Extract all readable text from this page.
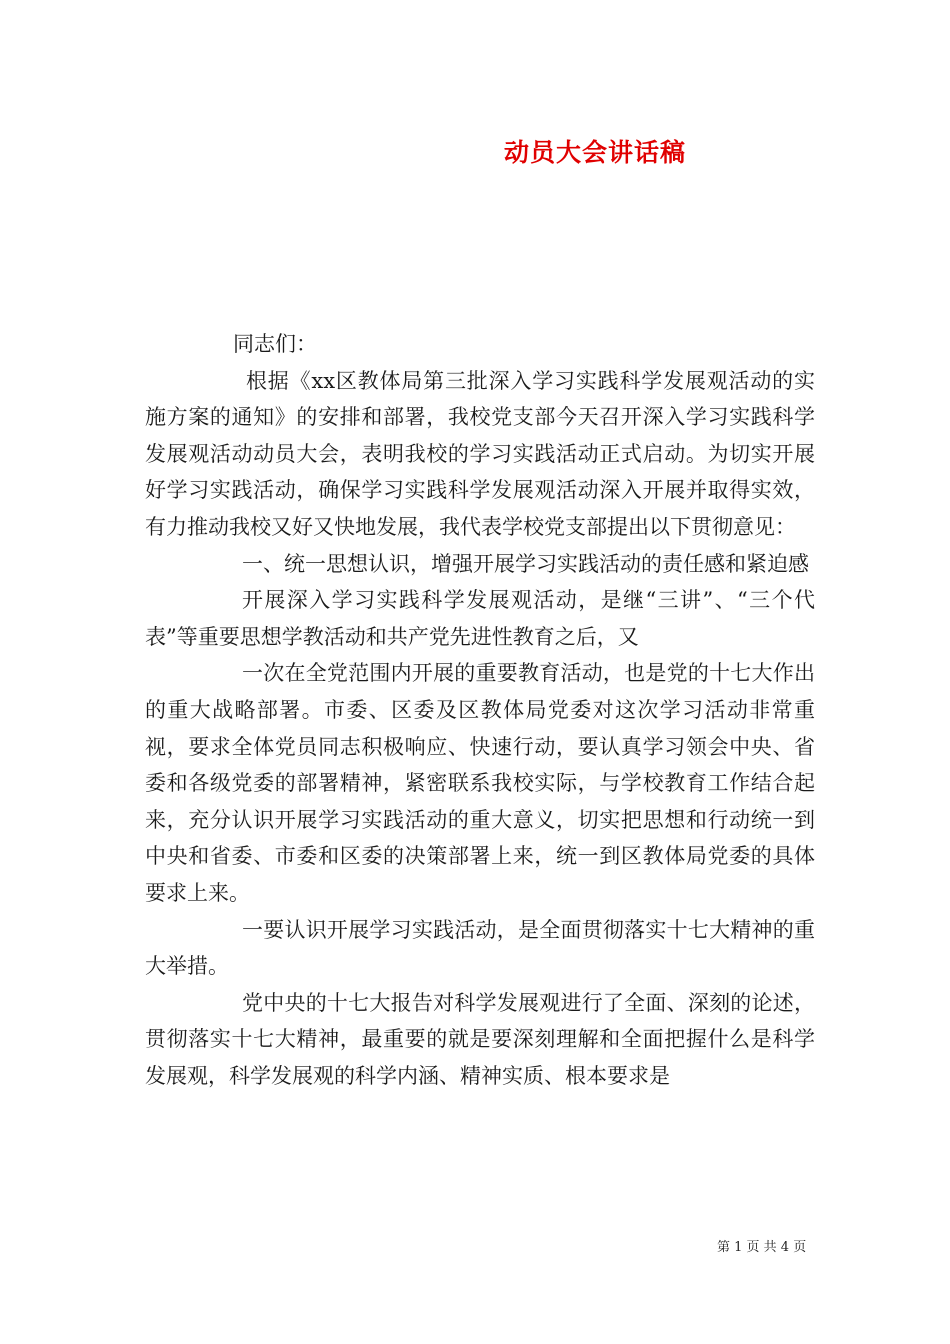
动员大会讲话稿

同志们：

根据《xx区教体局第三批深入学习实践科学发展观活动的实施方案的通知》的安排和部署，我校党支部今天召开深入学习实践科学发展观活动动员大会，表明我校的学习实践活动正式启动。为切实开展好学习实践活动，确保学习实践科学发展观活动深入开展并取得实效，有力推动我校又好又快地发展，我代表学校党支部提出以下贯彻意见：

一、统一思想认识，增强开展学习实践活动的责任感和紧迫感

开展深入学习实践科学发展观活动，是继“三讲”、“三个代表”等重要思想学教活动和共产党先进性教育之后，又

一次在全党范围内开展的重要教育活动，也是党的十七大作出的重大战略部署。市委、区委及区教体局党委对这次学习活动非常重视，要求全体党员同志积极响应、快速行动，要认真学习领会中央、省委和各级党委的部署精神，紧密联系我校实际，与学校教育工作结合起来，充分认识开展学习实践活动的重大意义，切实把思想和行动统一到中央和省委、市委和区委的决策部署上来，统一到区教体局党委的具体要求上来。

一要认识开展学习实践活动，是全面贯彻落实十七大精神的重大举措。

党中央的十七大报告对科学发展观进行了全面、深刻的论述，贯彻落实十七大精神，最重要的就是要深刻理解和全面把握什么是科学发展观，科学发展观的科学内涵、精神实质、根本要求是

第 1 页 共 4 页
